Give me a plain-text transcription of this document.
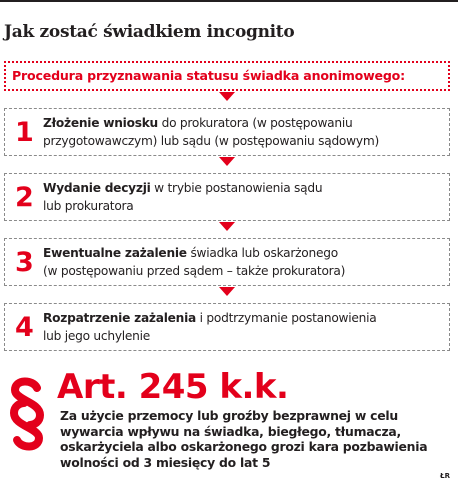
Jak zostać świadkiem incognito
Procedura przyznawania statusu świadka anonimowego:
1 Złożenie wniosku do prokuratora (w postępowaniu
przygotowawczym) lub sądu (w postępowaniu sądowym)
2 Wydanie decyzji w trybie postanowienia sądu
lub prokuratora
3 Ewentualne zażalenie świadka lub oskarżonego
(w postępowaniu przed sądem – także prokuratora)
4 Rozpatrzenie zażalenia i podtrzymanie postanowienia
lub jego uchylenie
Art. 245 k.k.
Za użycie przemocy lub groźby bezprawnej w celu
wywarcia wpływu na świadka, biegłego, tłumacza,
oskarżyciela albo oskarżonego grozi kara pozbawienia
wolności od 3 miesięcy do lat 5
ŁR
